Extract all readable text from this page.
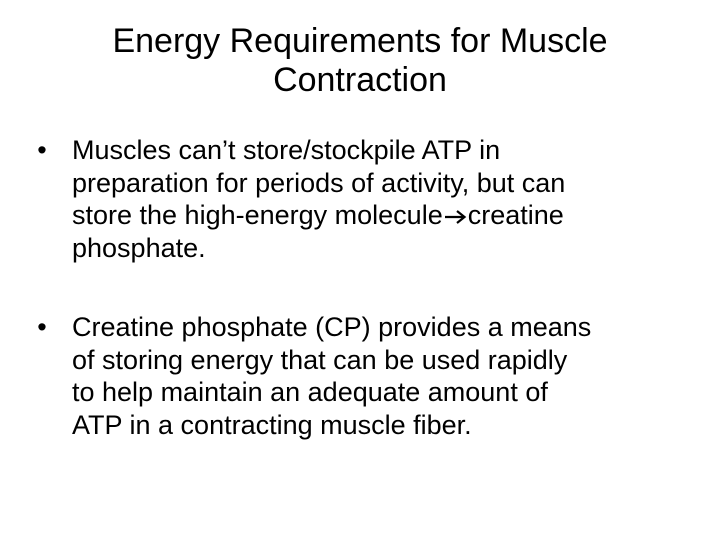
Energy Requirements for Muscle
Contraction
• Muscles can’t store/stockpile ATP in
preparation for periods of activity, but can
store the high-energy molecule creatine
phosphate.
• Creatine phosphate (CP) provides a means
of storing energy that can be used rapidly
to help maintain an adequate amount of
ATP in a contracting muscle fiber.
